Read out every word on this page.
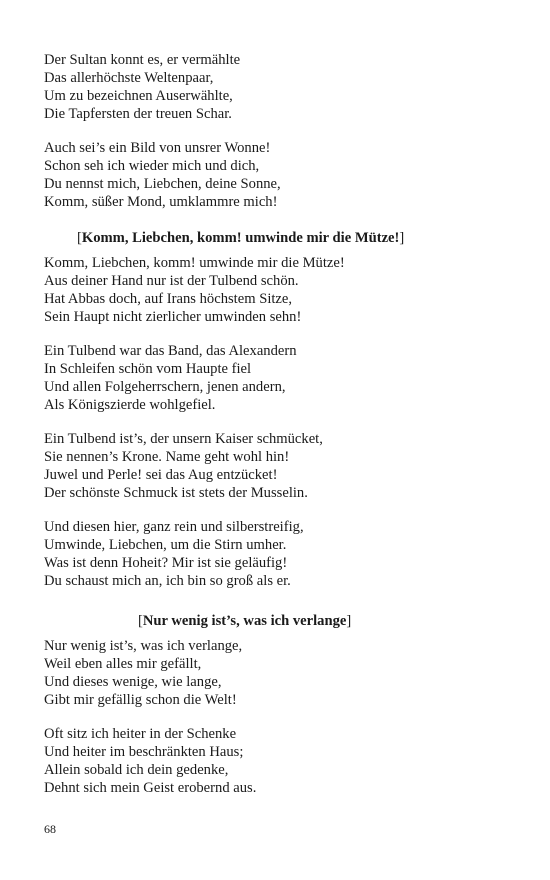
Der Sultan konnt es, er vermählte
Das allerhöchste Weltenpaar,
Um zu bezeichnen Auserwählte,
Die Tapfersten der treuen Schar.
Auch sei’s ein Bild von unsrer Wonne!
Schon seh ich wieder mich und dich,
Du nennst mich, Liebchen, deine Sonne,
Komm, süßer Mond, umklammre mich!
[Komm, Liebchen, komm! umwinde mir die Mütze!]
Komm, Liebchen, komm! umwinde mir die Mütze!
Aus deiner Hand nur ist der Tulbend schön.
Hat Abbas doch, auf Irans höchstem Sitze,
Sein Haupt nicht zierlicher umwinden sehn!
Ein Tulbend war das Band, das Alexandern
In Schleifen schön vom Haupte fiel
Und allen Folgeherrschern, jenen andern,
Als Königszierde wohlgefiel.
Ein Tulbend ist’s, der unsern Kaiser schmücket,
Sie nennen’s Krone. Name geht wohl hin!
Juwel und Perle! sei das Aug entzücket!
Der schönste Schmuck ist stets der Musselin.
Und diesen hier, ganz rein und silberstreifig,
Umwinde, Liebchen, um die Stirn umher.
Was ist denn Hoheit? Mir ist sie geläufig!
Du schaust mich an, ich bin so groß als er.
[Nur wenig ist’s, was ich verlange]
Nur wenig ist’s, was ich verlange,
Weil eben alles mir gefällt,
Und dieses wenige, wie lange,
Gibt mir gefällig schon die Welt!
Oft sitz ich heiter in der Schenke
Und heiter im beschränkten Haus;
Allein sobald ich dein gedenke,
Dehnt sich mein Geist erobernd aus.
68
